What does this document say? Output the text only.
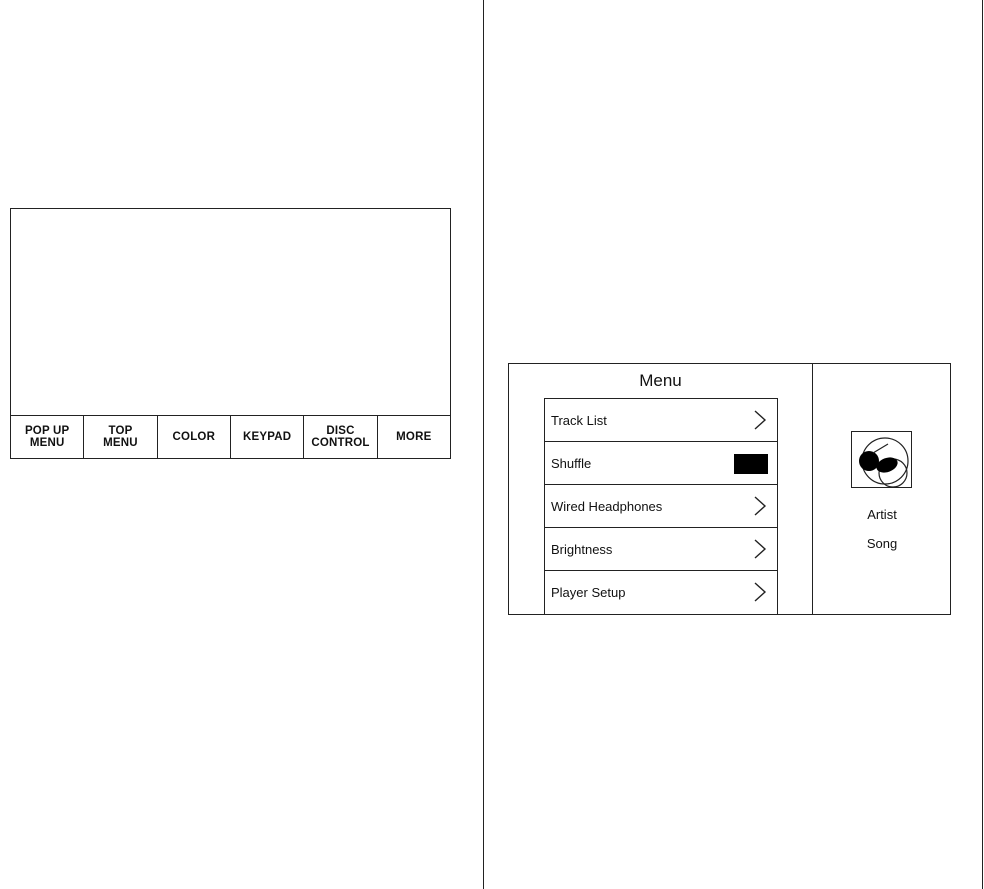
POP UP
MENU
TOP
MENU	COLOR	KEYPAD	DISC
CONTROL	MORE
Menu
Track List
Shuffle
Wired Headphones
Brightness
Player Setup
Artist
Song
